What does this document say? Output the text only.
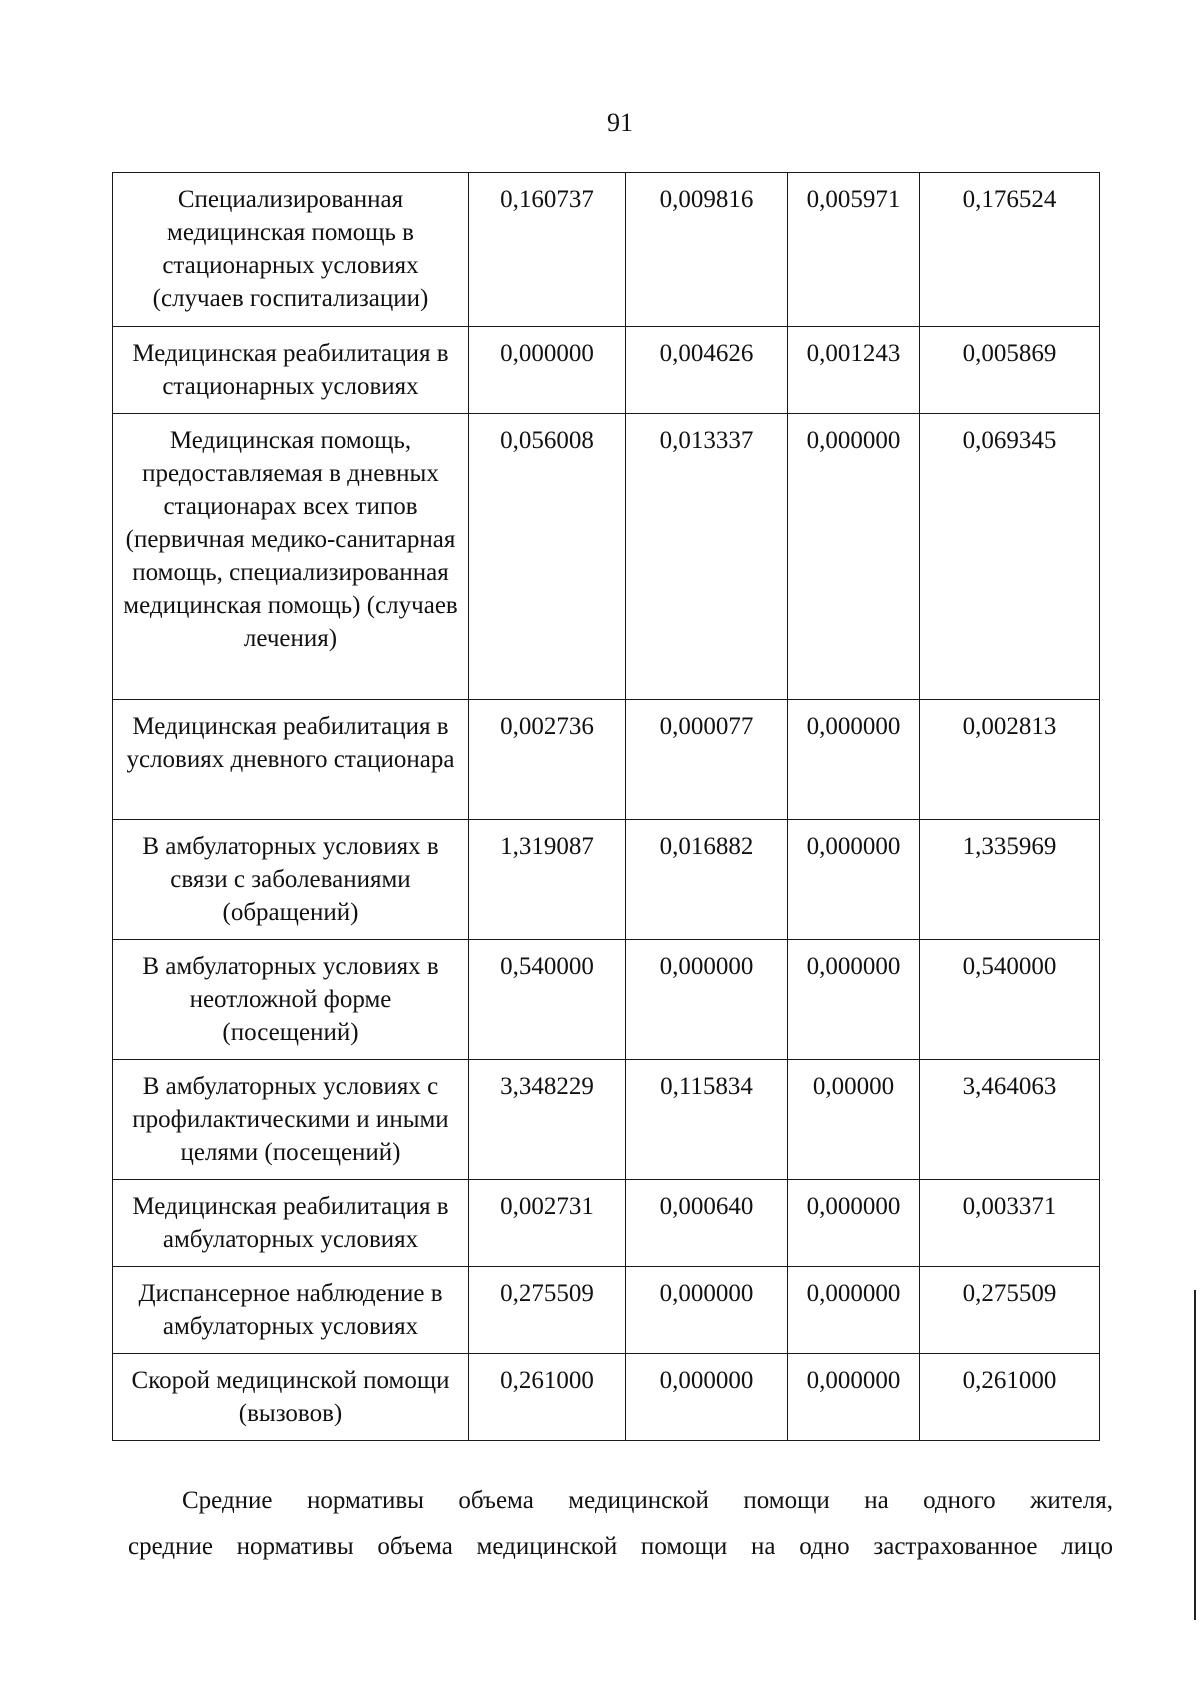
91
Специализированная медицинская помощь в стационарных условиях (случаев госпитализации)	0,160737	0,009816	0,005971	0,176524
Медицинская реабилитация в стационарных условиях	0,000000	0,004626	0,001243	0,005869
Медицинская помощь, предоставляемая в дневных стационарах всех типов (первичная медико-санитарная помощь, специализированная медицинская помощь) (случаев лечения)	0,056008	0,013337	0,000000	0,069345
Медицинская реабилитация в условиях дневного стационара	0,002736	0,000077	0,000000	0,002813
В амбулаторных условиях в связи с заболеваниями (обращений)	1,319087	0,016882	0,000000	1,335969
В амбулаторных условиях в неотложной форме (посещений)	0,540000	0,000000	0,000000	0,540000
В амбулаторных условиях с профилактическими и иными целями (посещений)	3,348229	0,115834	0,00000	3,464063
Медицинская реабилитация в амбулаторных условиях	0,002731	0,000640	0,000000	0,003371
Диспансерное наблюдение в амбулаторных условиях	0,275509	0,000000	0,000000	0,275509
Скорой медицинской помощи (вызовов)	0,261000	0,000000	0,000000	0,261000
Средние нормативы объема медицинской помощи на одного жителя,
средние нормативы объема медицинской помощи на одно застрахованное лицо
